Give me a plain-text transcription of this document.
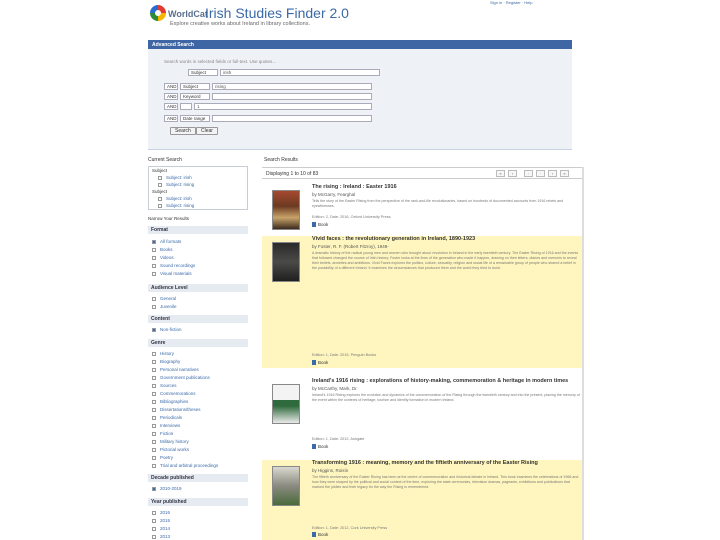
WorldCat
Irish Studies Finder 2.0
Explore creative works about Ireland in library collections.
Sign in · Register · Help
Advanced Search
Search words in selected fields or full-text. Use quotes...
Subject	irish
AND	Subject	rising
AND	Keyword
AND	1
AND	Date range
Search	Clear
Current Search
Subject
Subject: irish
Subject: rising
Subject
Subject: irish
Subject: rising
Narrow Your Results
Format
All formats
Books
Videos
Sound recordings
Visual materials
Audience Level
General
Juvenile
Content
Non-fiction
Genre
History
Biography
Personal narratives
Government publications
Sources
Commemorations
Bibliographies
Dissertations/theses
Periodicals
Interviews
Fiction
Military history
Pictorial works
Poetry
Trial and arbitral proceedings
Decade published
2010-2019
Year published
2016
2015
2014
2013
Search Results
Displaying 1 to 10 of 83	«	‹	·	·	›	»
The rising : Ireland : Easter 1916
by McGarry, Fearghal
Tells the story of the Easter Rising from the perspective of the rank-and-file revolutionaries, based on hundreds of documented accounts from 1916 rebels and eyewitnesses.
Edition: 2, Date: 2016, Oxford University Press
Book
Vivid faces : the revolutionary generation in Ireland, 1890-1923
by Foster, R. F. (Robert Fitzroy), 1949-
A dramatic history of the radical young men and women who brought about revolution in Ireland in the early twentieth century. The Easter Rising of 1916 and the events that followed changed the course of Irish history; Foster looks at the lives of the generation who made it happen, drawing on their letters, diaries and memoirs to reveal their beliefs, anxieties and ambitions. Vivid Faces explores the politics, culture, sexuality, religion and social life of a remarkable group of people who shared a belief in the possibility of a different Ireland. It examines the circumstances that produced them and the world they tried to build.
Edition: 1, Date: 2015, Penguin Books
Book
Ireland's 1916 rising : explorations of history-making, commemoration & heritage in modern times
by McCarthy, Mark, Dr.
Ireland's 1916 Rising explores the evolution and dynamics of the commemoration of the Rising through the twentieth century and into the present, placing the memory of the event within the contexts of heritage, tourism and identity formation in modern Ireland.
Edition: 1, Date: 2012, Ashgate
Book
Transforming 1916 : meaning, memory and the fiftieth anniversary of the Easter Rising
by Higgins, Roisín
The fiftieth anniversary of the Easter Rising has been at the centre of commemoration and historical debate in Ireland. This book examines the celebrations of 1966 and how they were shaped by the political and social context of the time, exploring the state ceremonies, television dramas, pageants, exhibitions and publications that marked the jubilee and their legacy for the way the Rising is remembered.
Edition: 1, Date: 2012, Cork University Press
Book
